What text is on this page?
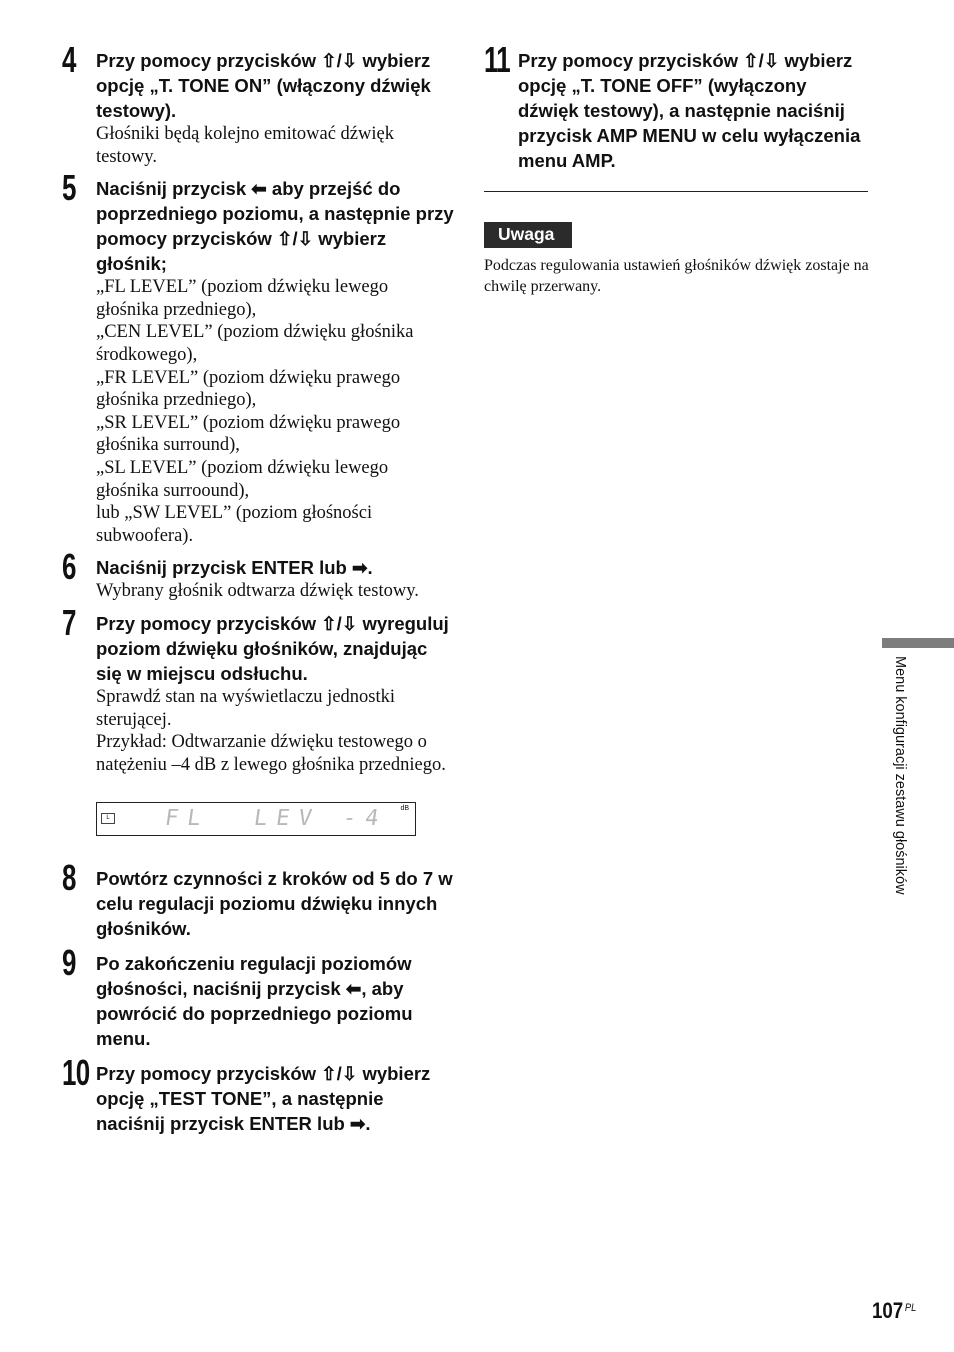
4 Przy pomocy przycisków ⇧/⇩ wybierz opcję „T. TONE ON” (włączony dźwięk testowy).

Głośniki będą kolejno emitować dźwięk testowy.

5 Naciśnij przycisk ⬅ aby przejść do poprzedniego poziomu, a następnie przy pomocy przycisków ⇧/⇩ wybierz głośnik;

„FL LEVEL” (poziom dźwięku lewego głośnika przedniego),

„CEN LEVEL” (poziom dźwięku głośnika środkowego),

„FR LEVEL” (poziom dźwięku prawego głośnika przedniego),

„SR LEVEL” (poziom dźwięku prawego głośnika surround),

„SL LEVEL” (poziom dźwięku lewego głośnika surroound),

lub „SW LEVEL” (poziom głośności subwoofera).

6 Naciśnij przycisk ENTER lub ➡.

Wybrany głośnik odtwarza dźwięk testowy.

7 Przy pomocy przycisków ⇧/⇩ wyreguluj poziom dźwięku głośników, znajdując się w miejscu odsłuchu.

Sprawdź stan na wyświetlaczu jednostki sterującej.

Przykład: Odtwarzanie dźwięku testowego o natężeniu –4 dB z lewego głośnika przedniego.

L
dB
FL  LEV -4
8 Powtórz czynności z kroków od 5 do 7 w celu regulacji poziomu dźwięku innych głośników.

9 Po zakończeniu regulacji poziomów głośności, naciśnij przycisk ⬅, aby powrócić do poprzedniego poziomu menu.

10 Przy pomocy przycisków ⇧/⇩ wybierz opcję „TEST TONE”, a następnie naciśnij przycisk ENTER lub ➡.

11 Przy pomocy przycisków ⇧/⇩ wybierz opcję „T. TONE OFF” (wyłączony dźwięk testowy), a następnie naciśnij przycisk AMP MENU w celu wyłączenia menu AMP.

Uwaga

Podczas regulowania ustawień głośników dźwięk zostaje na chwilę przerwany.

Menu konfiguracji zestawu głośników
107 $^{PL}$
